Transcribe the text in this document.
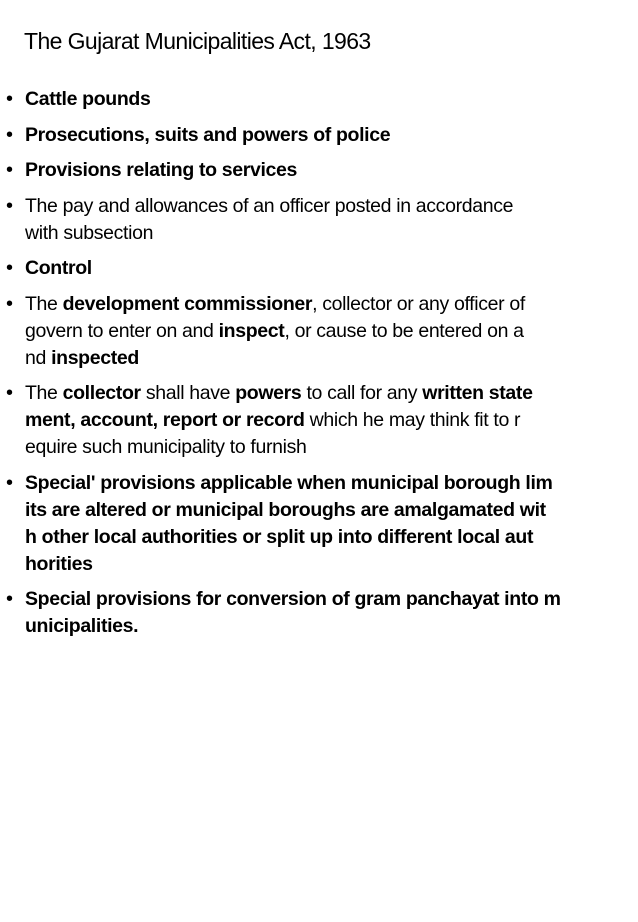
The Gujarat Municipalities Act, 1963
• Cattle pounds
• Prosecutions, suits and powers of police
• Provisions relating to services
• The pay and allowances of an officer posted in accordance
with subsection
• Control
• The development commissioner, collector or any officer of
govern to enter on and inspect, or cause to be entered on a
nd inspected
• The collector shall have powers to call for any written state
ment, account, report or record which he may think fit to r
equire such municipality to furnish
• Special' provisions applicable when municipal borough lim
its are altered or municipal boroughs are amalgamated wit
h other local authorities or split up into different local aut
horities
• Special provisions for conversion of gram panchayat into m
unicipalities.
